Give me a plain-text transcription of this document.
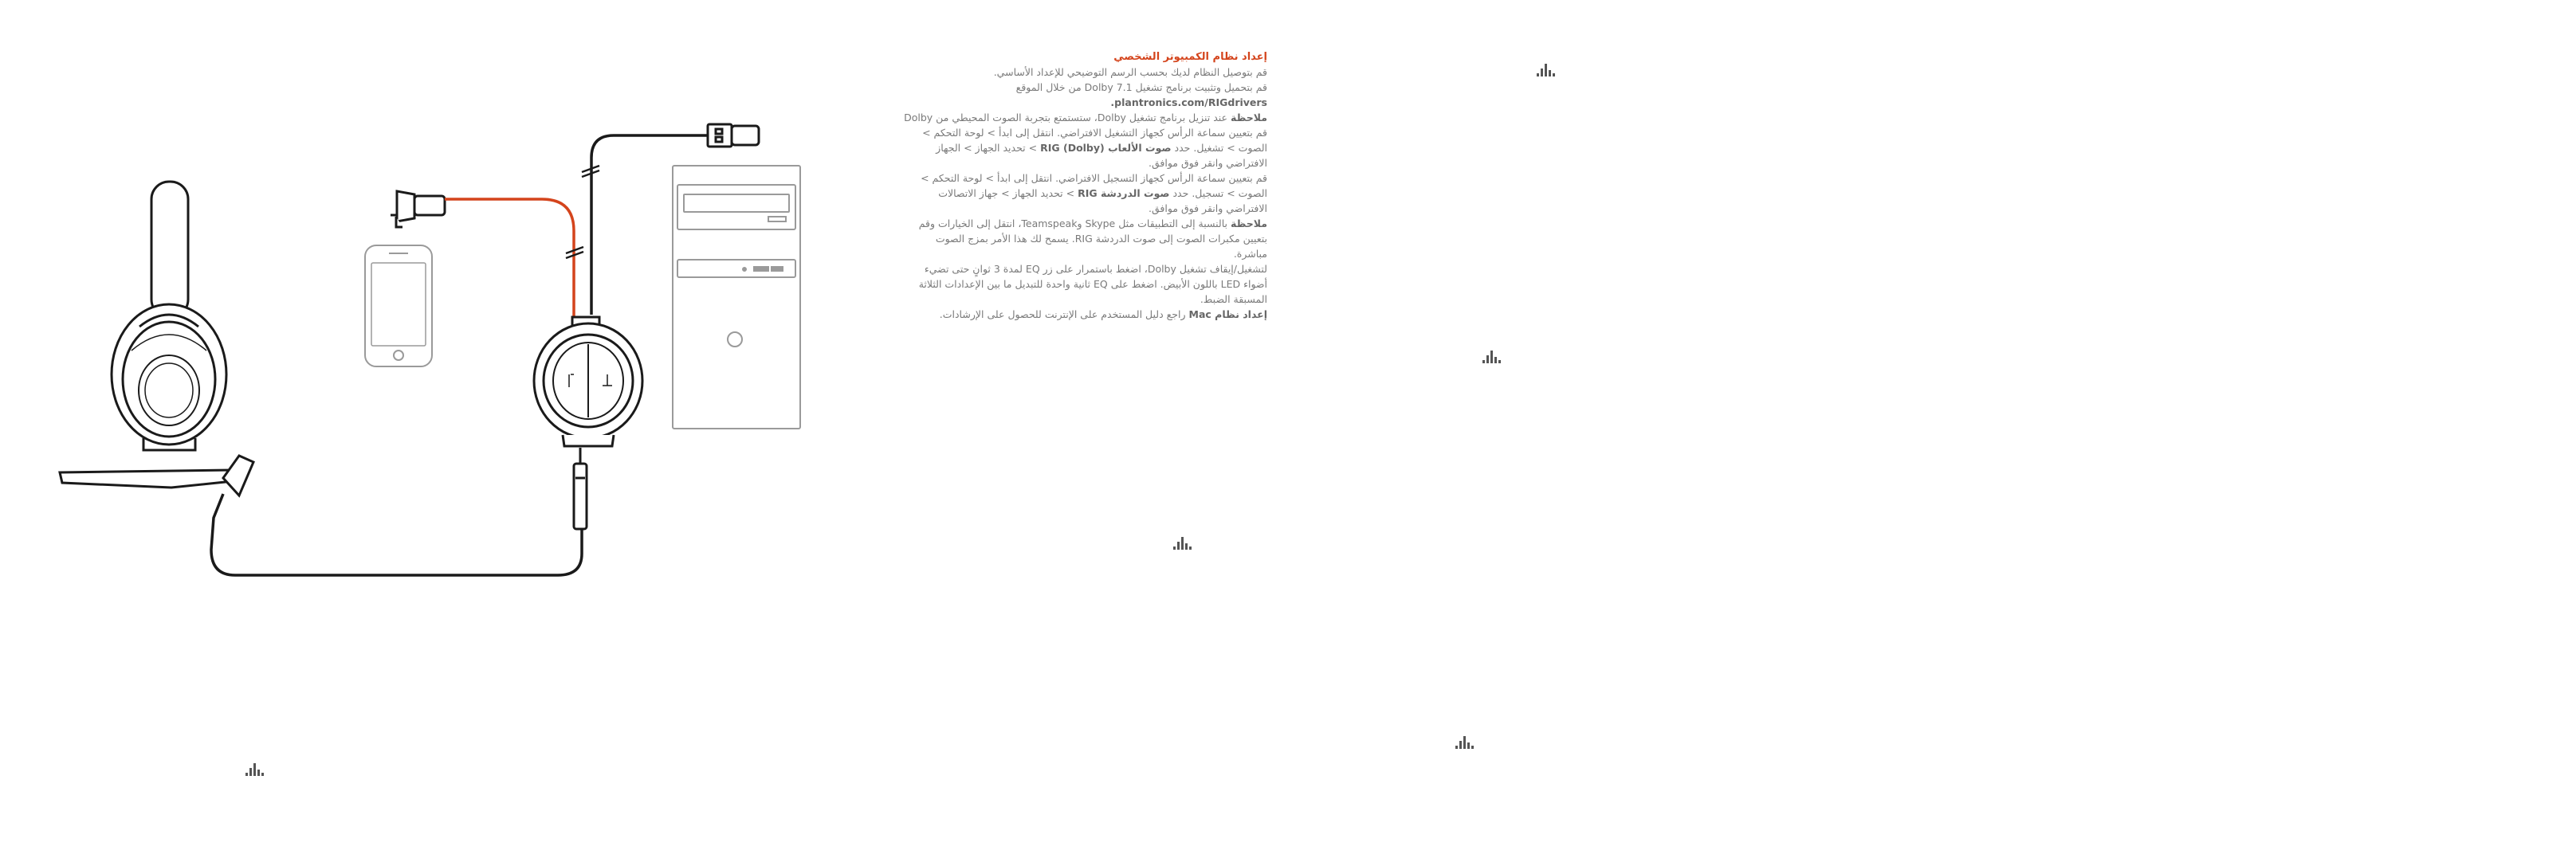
إعداد نظام الكمبيوتر الشخصي

قم بتوصيل النظام لديك بحسب الرسم التوضيحي للإعداد الأساسي.

قم بتحميل وتثبيت برنامج تشغيل Dolby 7.1 من خلال الموقع

plantronics.com/RIGdrivers.

ملاحظة عند تنزيل برنامج تشغيل Dolby، ستستمتع بتجربة الصوت المحيطي من Dolby

قم بتعيين سماعة الرأس كجهاز التشغيل الافتراضي. انتقل إلى ابدأ > لوحة التحكم > الصوت > تشغيل. حدد صوت الألعاب (Dolby) RIG > تحديد الجهاز > الجهاز الافتراضي وانقر فوق موافق.

قم بتعيين سماعة الرأس كجهاز التسجيل الافتراضي. انتقل إلى ابدأ > لوحة التحكم > الصوت > تسجيل. حدد صوت الدردشة RIG > تحديد الجهاز > جهاز الاتصالات الافتراضي وانقر فوق موافق.

ملاحظة بالنسبة إلى التطبيقات مثل Skype وTeamspeak، انتقل إلى الخيارات وقم بتعيين مكبرات الصوت إلى صوت الدردشة RIG. يسمح لك هذا الأمر بمزج الصوت مباشرة.

لتشغيل/إيقاف تشغيل Dolby، اضغط باستمرار على زر EQ لمدة 3 ثوانٍ حتى تضيء أضواء LED باللون الأبيض. اضغط على EQ ثانية واحدة للتبديل ما بين الإعدادات الثلاثة المسبقة الضبط.

إعداد نظام Mac راجع دليل المستخدم على الإنترنت للحصول على الإرشادات.
